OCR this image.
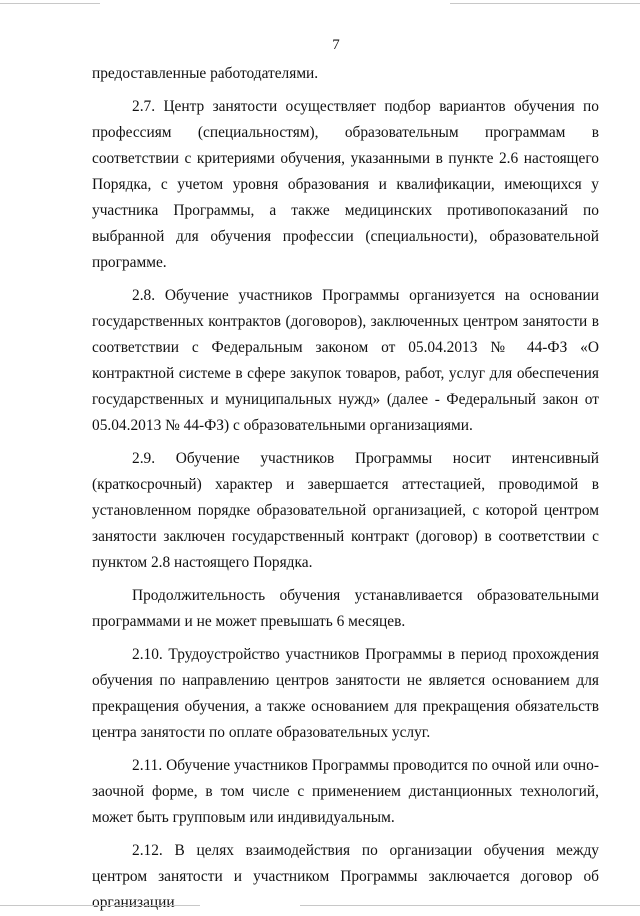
7

предоставленные работодателями.

2.7. Центр занятости осуществляет подбор вариантов обучения по профессиям (специальностям), образовательным программам в соответствии с критериями обучения, указанными в пункте 2.6 настоящего Порядка, с учетом уровня образования и квалификации, имеющихся у участника Программы, а также медицинских противопоказаний по выбранной для обучения профессии (специальности), образовательной программе.

2.8. Обучение участников Программы организуется на основании государственных контрактов (договоров), заключенных центром занятости в соответствии с Федеральным законом от 05.04.2013 № 44-ФЗ «О контрактной системе в сфере закупок товаров, работ, услуг для обеспечения государственных и муниципальных нужд» (далее - Федеральный закон от 05.04.2013 № 44-ФЗ) с образовательными организациями.

2.9. Обучение участников Программы носит интенсивный (краткосрочный) характер и завершается аттестацией, проводимой в установленном порядке образовательной организацией, с которой центром занятости заключен государственный контракт (договор) в соответствии с пунктом 2.8 настоящего Порядка.

Продолжительность обучения устанавливается образовательными программами и не может превышать 6 месяцев.

2.10. Трудоустройство участников Программы в период прохождения обучения по направлению центров занятости не является основанием для прекращения обучения, а также основанием для прекращения обязательств центра занятости по оплате образовательных услуг.

2.11. Обучение участников Программы проводится по очной или очно-заочной форме, в том числе с применением дистанционных технологий, может быть групповым или индивидуальным.

2.12. В целях взаимодействия по организации обучения между центром занятости и участником Программы заключается договор об организации
